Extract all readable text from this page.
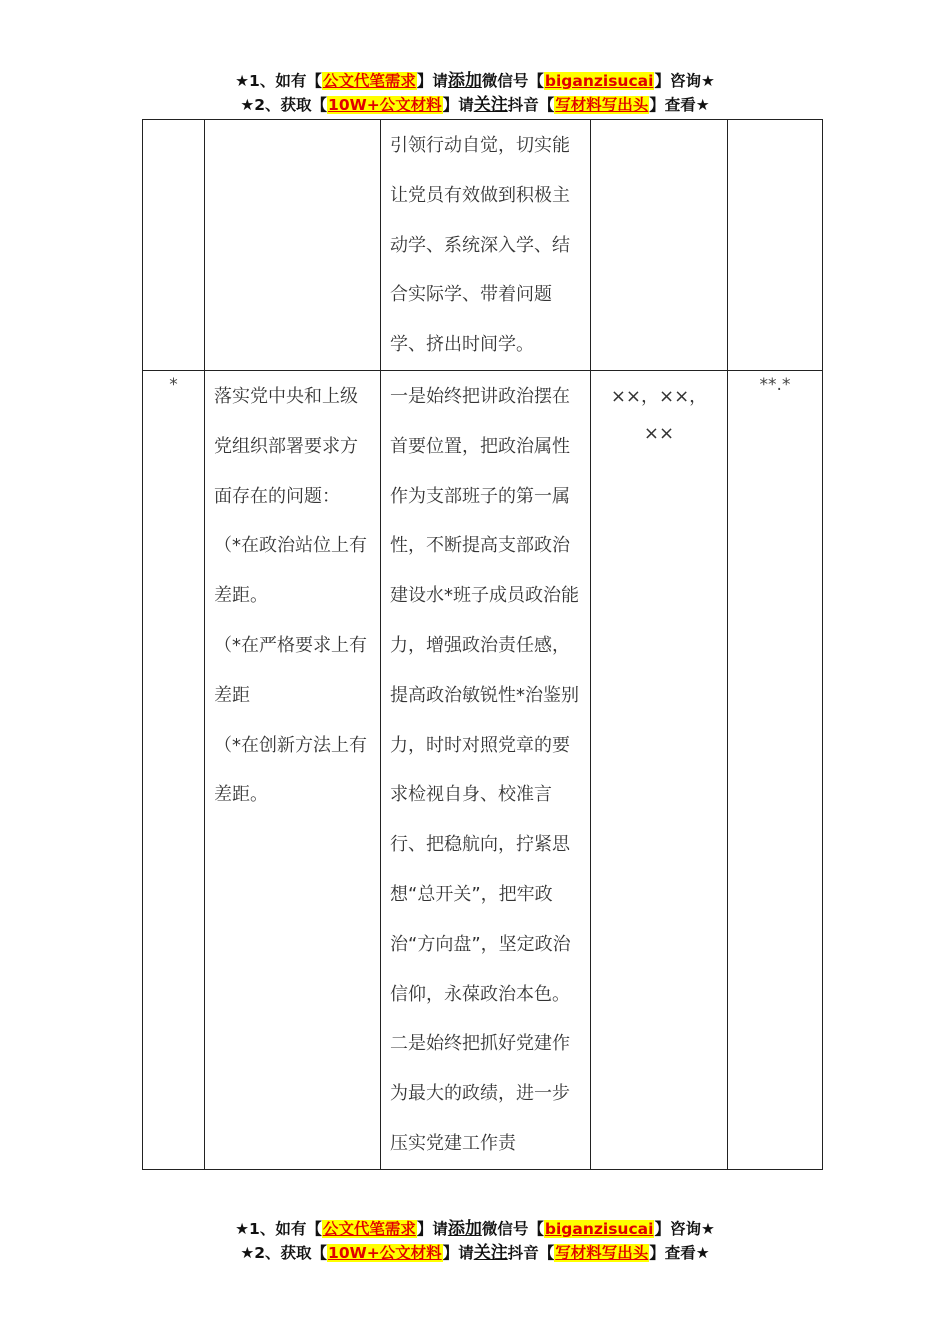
★1、如有【公文代笔需求】请添加微信号【biganzisucai】咨询★
★2、获取【10W+公文材料】请关注抖音【写材料写出头】查看★

		引领行动自觉，切实能让党员有效做到积极主动学、系统深入学、结合实际学、带着问题学、挤出时间学。		

*	落实党中央和上级党组织部署要求方面存在的问题：
（*在政治站位上有差距。
（*在严格要求上有差距
（*在创新方法上有差距。	一是始终把讲政治摆在首要位置，把政治属性作为支部班子的第一属性，不断提高支部政治建设水*班子成员政治能力，增强政治责任感，提高政治敏锐性*治鉴别力，时时对照党章的要求检视自身、校准言行、把稳航向，拧紧思想“总开关”，把牢政治“方向盘”，坚定政治信仰，永葆政治本色。二是始终把抓好党建作为最大的政绩，进一步压实党建工作责	××，××，××	**.*
★1、如有【公文代笔需求】请添加微信号【biganzisucai】咨询★
★2、获取【10W+公文材料】请关注抖音【写材料写出头】查看★
